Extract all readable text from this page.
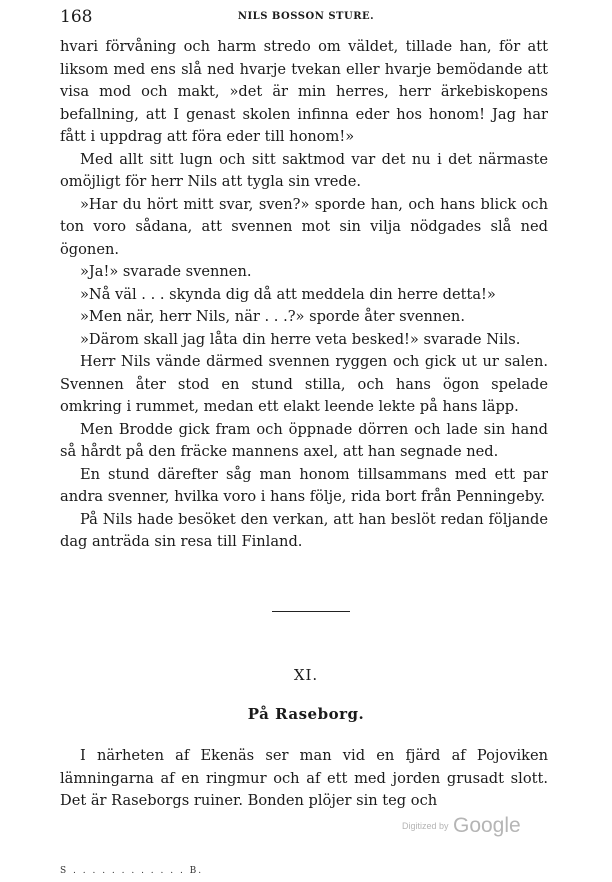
168	NILS BOSSON STURE.

hvari förvåning och harm stredo om väldet, tillade han, för att liksom med ens slå ned hvarje tvekan eller hvarje bemödande att visa mod och makt, »det är min herres, herr ärkebiskopens befallning, att I genast skolen infinna eder hos honom! Jag har fått i uppdrag att föra eder till honom!»

Med allt sitt lugn och sitt saktmod var det nu i det närmaste omöjligt för herr Nils att tygla sin vrede.

»Har du hört mitt svar, sven?» sporde han, och hans blick och ton voro sådana, att svennen mot sin vilja nödgades slå ned ögonen.

»Ja!» svarade svennen.

»Nå väl . . . skynda dig då att meddela din herre detta!»

»Men när, herr Nils, när . . .?» sporde åter svennen.

»Därom skall jag låta din herre veta besked!» svarade Nils.

Herr Nils vände därmed svennen ryggen och gick ut ur salen. Svennen åter stod en stund stilla, och hans ögon spelade omkring i rummet, medan ett elakt leende lekte på hans läpp.

Men Brodde gick fram och öppnade dörren och lade sin hand så hårdt på den fräcke mannens axel, att han segnade ned.

En stund därefter såg man honom tillsammans med ett par andra svenner, hvilka voro i hans följe, rida bort från Penningeby.

På Nils hade besöket den verkan, att han beslöt redan följande dag anträda sin resa till Finland.

XI.
På Raseborg.

I närheten af Ekenäs ser man vid en fjärd af Pojoviken lämningarna af en ringmur och af ett med jorden grusadt slott. Det är Raseborgs ruiner. Bonden plöjer sin teg och

Digitized by Google
S . . . . . . . . . . . . B.
